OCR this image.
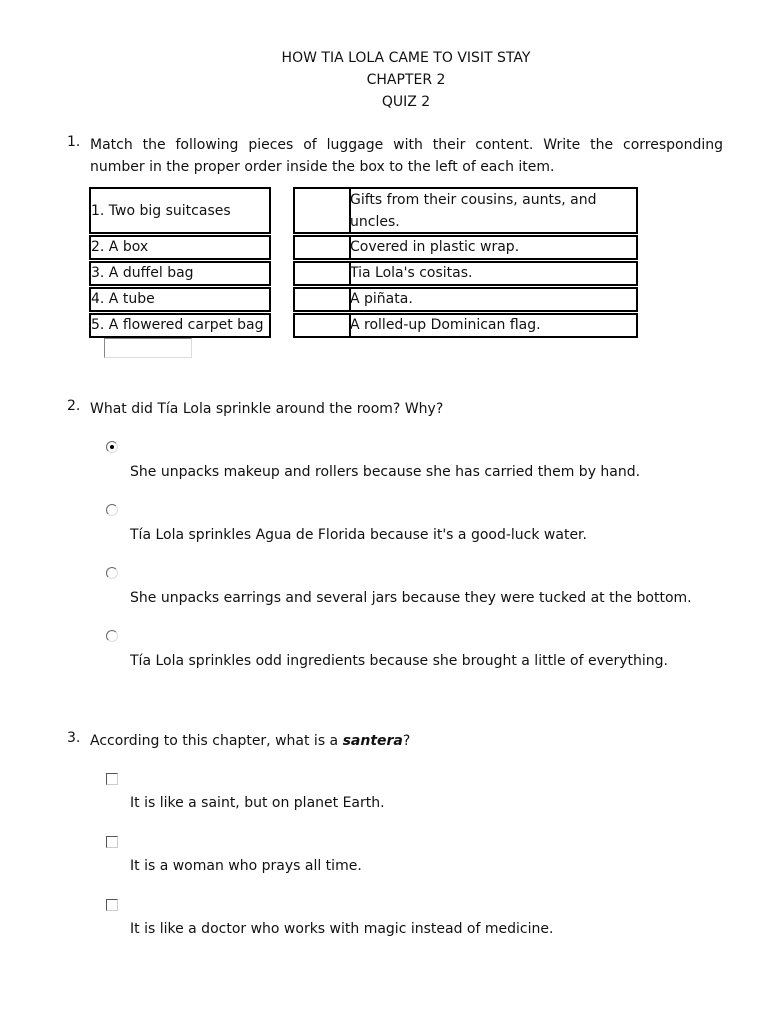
HOW TIA LOLA CAME TO VISIT STAY
CHAPTER 2
QUIZ 2
1. Match the following pieces of luggage with their content. Write the corresponding
number in the proper order inside the box to the left of each item.
1. Two big suitcases
2. A box
3. A duffel bag
4. A tube
5. A flowered carpet bag
Gifts from their cousins, aunts, and
uncles.
Covered in plastic wrap.
Tia Lola's cositas.
A piñata.
A rolled-up Dominican flag.
2. What did Tía Lola sprinkle around the room? Why?
She unpacks makeup and rollers because she has carried them by hand.
Tía Lola sprinkles Agua de Florida because it's a good-luck water.
She unpacks earrings and several jars because they were tucked at the bottom.
Tía Lola sprinkles odd ingredients because she brought a little of everything.
3. According to this chapter, what is a santera?
It is like a saint, but on planet Earth.
It is a woman who prays all time.
It is like a doctor who works with magic instead of medicine.
